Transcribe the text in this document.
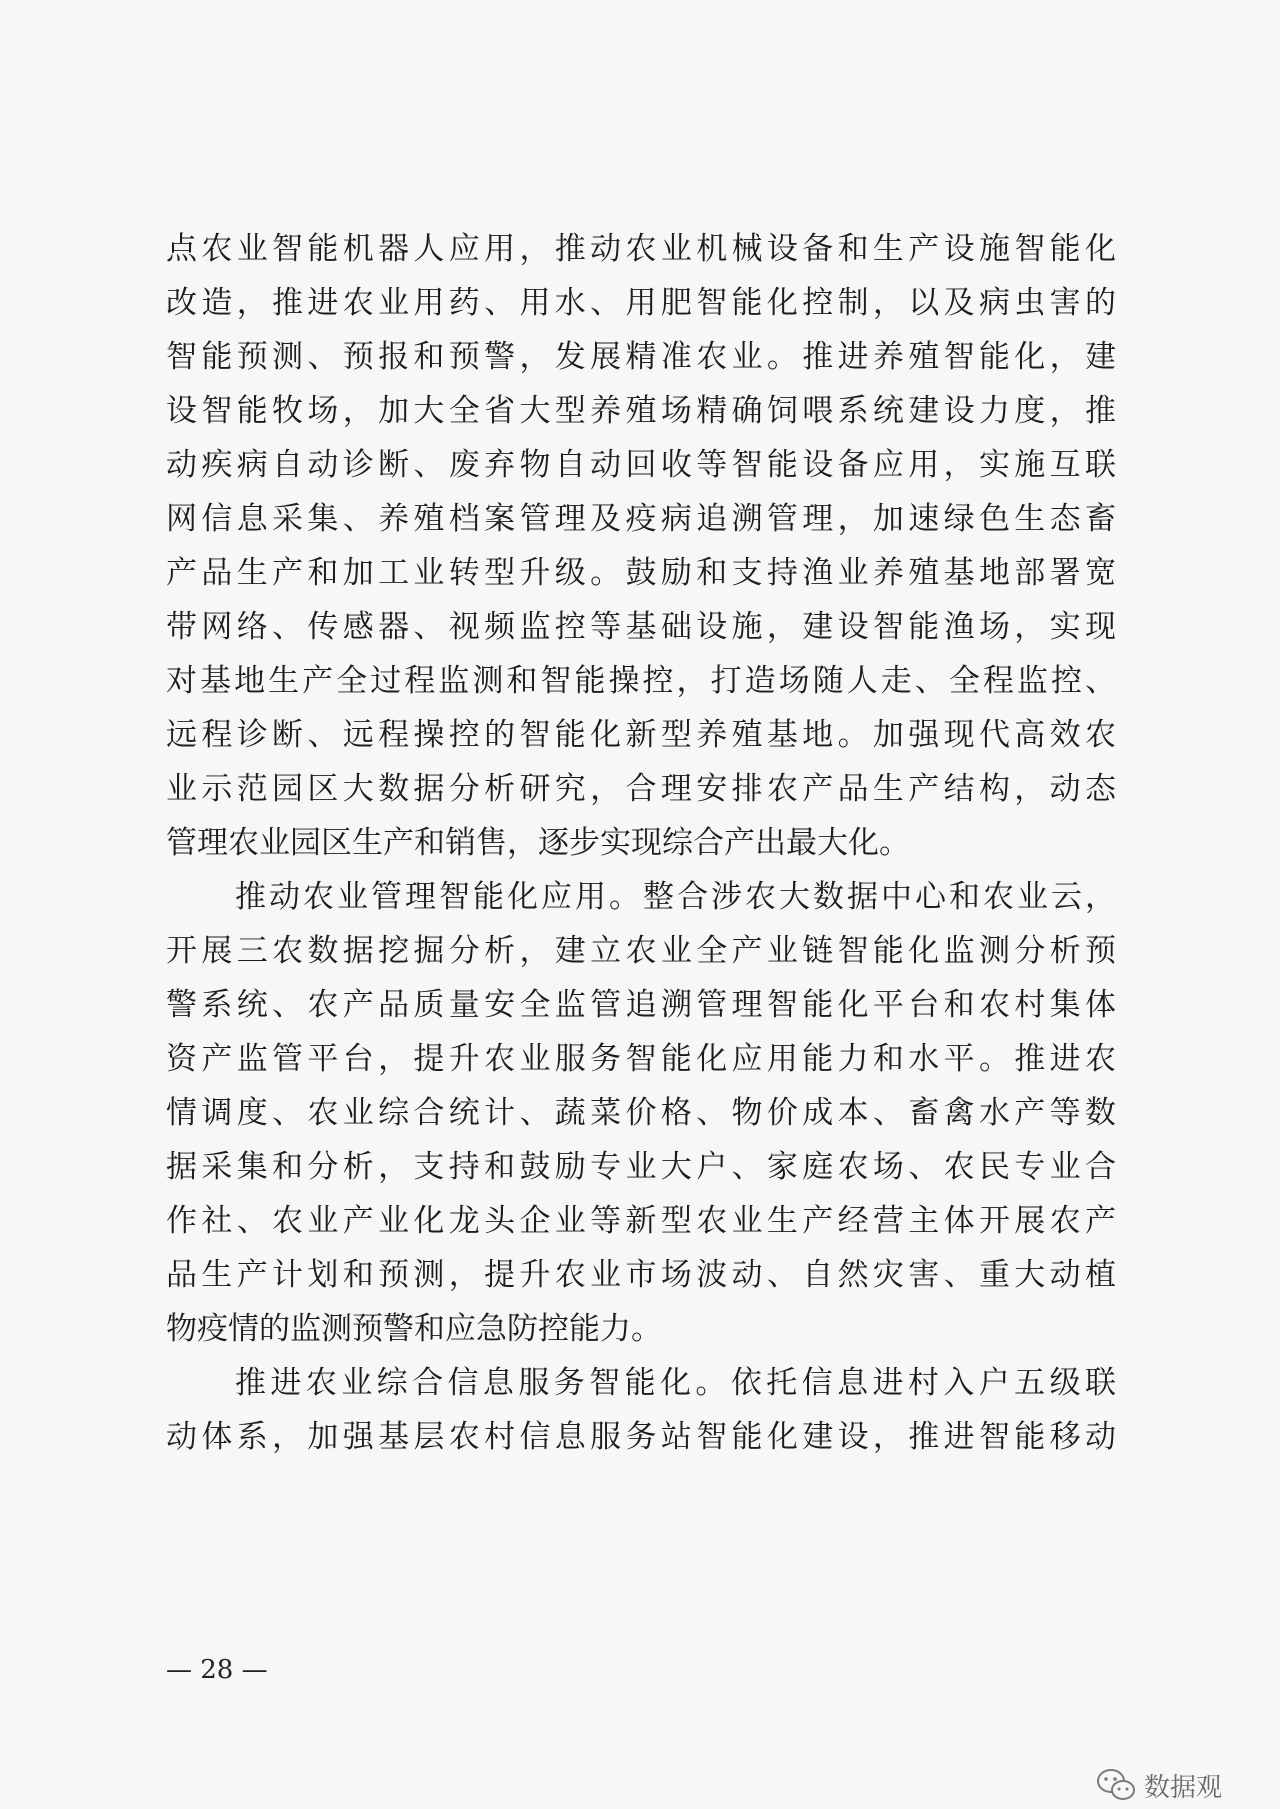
点农业智能机器人应用，推动农业机械设备和生产设施智能化
改造，推进农业用药、用水、用肥智能化控制，以及病虫害的
智能预测、预报和预警，发展精准农业。推进养殖智能化，建
设智能牧场，加大全省大型养殖场精确饲喂系统建设力度，推
动疾病自动诊断、废弃物自动回收等智能设备应用，实施互联
网信息采集、养殖档案管理及疫病追溯管理，加速绿色生态畜
产品生产和加工业转型升级。鼓励和支持渔业养殖基地部署宽
带网络、传感器、视频监控等基础设施，建设智能渔场，实现
对基地生产全过程监测和智能操控，打造场随人走、全程监控、
远程诊断、远程操控的智能化新型养殖基地。加强现代高效农
业示范园区大数据分析研究，合理安排农产品生产结构，动态
管理农业园区生产和销售，逐步实现综合产出最大化。
推动农业管理智能化应用。整合涉农大数据中心和农业云，
开展三农数据挖掘分析，建立农业全产业链智能化监测分析预
警系统、农产品质量安全监管追溯管理智能化平台和农村集体
资产监管平台，提升农业服务智能化应用能力和水平。推进农
情调度、农业综合统计、蔬菜价格、物价成本、畜禽水产等数
据采集和分析，支持和鼓励专业大户、家庭农场、农民专业合
作社、农业产业化龙头企业等新型农业生产经营主体开展农产
品生产计划和预测，提升农业市场波动、自然灾害、重大动植
物疫情的监测预警和应急防控能力。
推进农业综合信息服务智能化。依托信息进村入户五级联
动体系，加强基层农村信息服务站智能化建设，推进智能移动
— 28 —
数据观
